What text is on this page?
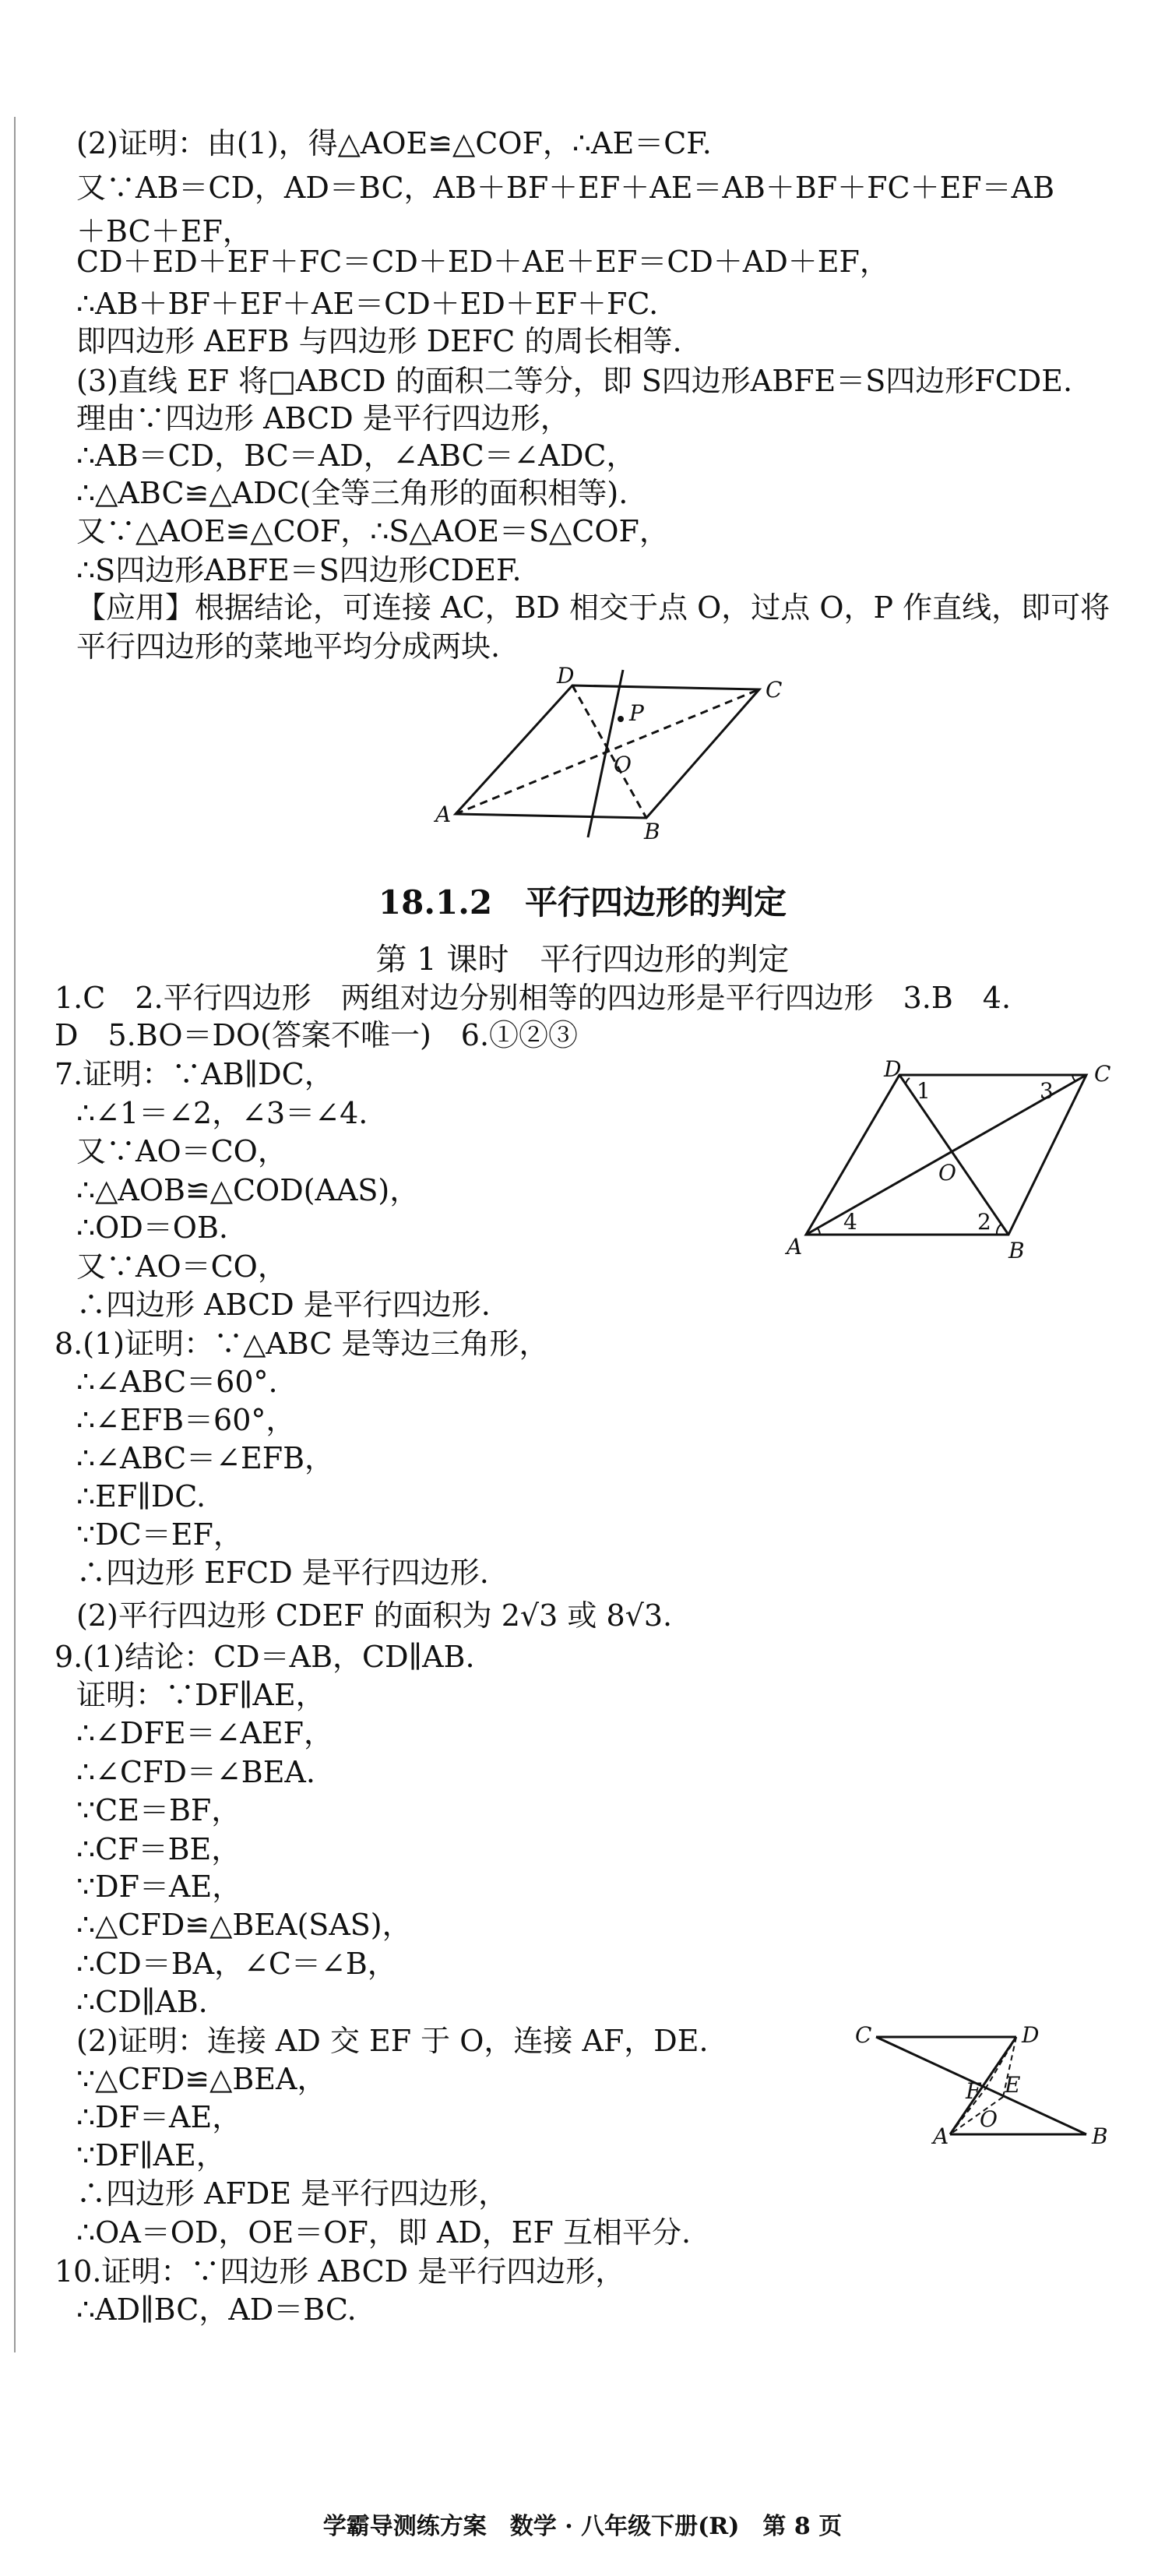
(2)证明：由(1)，得△AOE≌△COF，∴AE＝CF.
又∵AB＝CD，AD＝BC，AB＋BF＋EF＋AE＝AB＋BF＋FC＋EF＝AB
＋BC＋EF，
CD＋ED＋EF＋FC＝CD＋ED＋AE＋EF＝CD＋AD＋EF，
∴AB＋BF＋EF＋AE＝CD＋ED＋EF＋FC.
即四边形 AEFB 与四边形 DEFC 的周长相等.
(3)直线 EF 将□ABCD 的面积二等分，即 S四边形ABFE＝S四边形FCDE.
理由∵四边形 ABCD 是平行四边形，
∴AB＝CD，BC＝AD，∠ABC＝∠ADC，
∴△ABC≌△ADC(全等三角形的面积相等).
又∵△AOE≌△COF，∴S△AOE＝S△COF，
∴S四边形ABFE＝S四边形CDEF.
【应用】根据结论，可连接 AC，BD 相交于点 O，过点 O，P 作直线，即可将
平行四边形的菜地平均分成两块.
D
C
P
O
A
B
18.1.2　平行四边形的判定
第 1 课时　平行四边形的判定
1.C　2.平行四边形　两组对边分别相等的四边形是平行四边形　3.B　4.
D　5.BO＝DO(答案不唯一)　6.①②③
7.证明：∵AB∥DC，
∴∠1＝∠2，∠3＝∠4.
又∵AO＝CO，
∴△AOB≌△COD(AAS)，
∴OD＝OB.
又∵AO＝CO，
∴四边形 ABCD 是平行四边形.
8.(1)证明：∵△ABC 是等边三角形，
∴∠ABC＝60°.
∴∠EFB＝60°，
∴∠ABC＝∠EFB，
∴EF∥DC.
∵DC＝EF，
∴四边形 EFCD 是平行四边形.
(2)平行四边形 CDEF 的面积为 2√3 或 8√3.
9.(1)结论：CD＝AB，CD∥AB.
证明：∵DF∥AE，
∴∠DFE＝∠AEF，
∴∠CFD＝∠BEA.
∵CE＝BF，
∴CF＝BE，
∵DF＝AE，
∴△CFD≌△BEA(SAS)，
∴CD＝BA，∠C＝∠B，
∴CD∥AB.
(2)证明：连接 AD 交 EF 于 O，连接 AF，DE.
∵△CFD≌△BEA，
∴DF＝AE，
∵DF∥AE，
∴四边形 AFDE 是平行四边形，
∴OA＝OD，OE＝OF，即 AD，EF 互相平分.
10.证明：∵四边形 ABCD 是平行四边形，
∴AD∥BC，AD＝BC.
D
1	3
C
O
A
4	2
B
C	D
F E
O
A	B
学霸导测练方案　数学 · 八年级下册(R)　第 8 页
